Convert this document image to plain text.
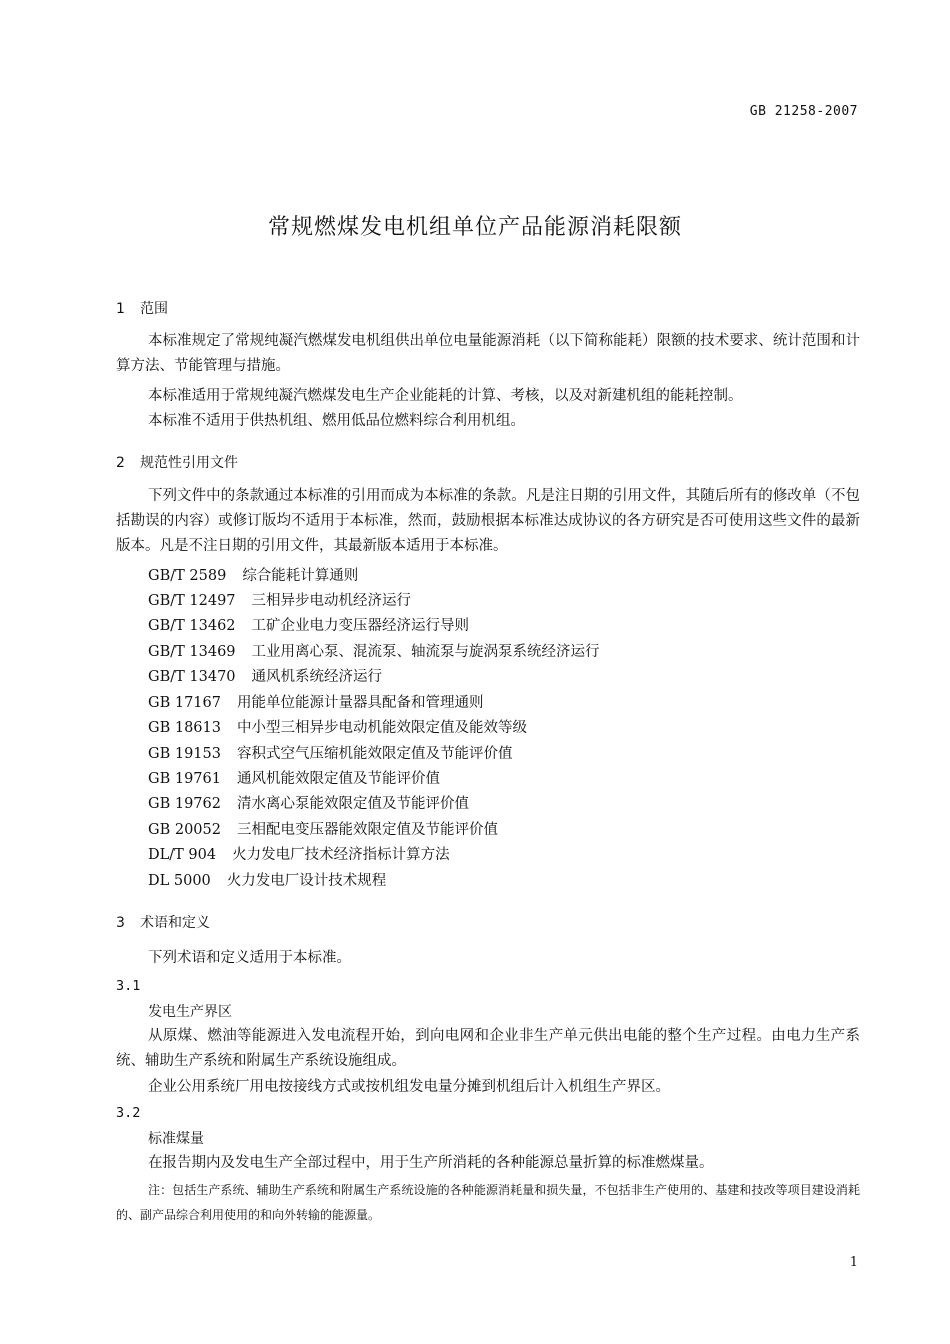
GB 21258-2007
常规燃煤发电机组单位产品能源消耗限额
1 范围
本标准规定了常规纯凝汽燃煤发电机组供出单位电量能源消耗（以下简称能耗）限额的技术要求、统计范围和计算方法、节能管理与措施。
本标准适用于常规纯凝汽燃煤发电生产企业能耗的计算、考核，以及对新建机组的能耗控制。
本标准不适用于供热机组、燃用低品位燃料综合利用机组。
2 规范性引用文件
下列文件中的条款通过本标准的引用而成为本标准的条款。凡是注日期的引用文件，其随后所有的修改单（不包括勘误的内容）或修订版均不适用于本标准，然而，鼓励根据本标准达成协议的各方研究是否可使用这些文件的最新版本。凡是不注日期的引用文件，其最新版本适用于本标准。
GB/T 2589 综合能耗计算通则
GB/T 12497 三相异步电动机经济运行
GB/T 13462 工矿企业电力变压器经济运行导则
GB/T 13469 工业用离心泵、混流泵、轴流泵与旋涡泵系统经济运行
GB/T 13470 通风机系统经济运行
GB 17167 用能单位能源计量器具配备和管理通则
GB 18613 中小型三相异步电动机能效限定值及能效等级
GB 19153 容积式空气压缩机能效限定值及节能评价值
GB 19761 通风机能效限定值及节能评价值
GB 19762 清水离心泵能效限定值及节能评价值
GB 20052 三相配电变压器能效限定值及节能评价值
DL/T 904 火力发电厂技术经济指标计算方法
DL 5000 火力发电厂设计技术规程
3 术语和定义
下列术语和定义适用于本标准。
3.1
发电生产界区
从原煤、燃油等能源进入发电流程开始，到向电网和企业非生产单元供出电能的整个生产过程。由电力生产系统、辅助生产系统和附属生产系统设施组成。
企业公用系统厂用电按接线方式或按机组发电量分摊到机组后计入机组生产界区。
3.2
标准煤量
在报告期内及发电生产全部过程中，用于生产所消耗的各种能源总量折算的标准燃煤量。
注：包括生产系统、辅助生产系统和附属生产系统设施的各种能源消耗量和损失量，不包括非生产使用的、基建和技改等项目建设消耗的、副产品综合利用使用的和向外转输的能源量。
1
